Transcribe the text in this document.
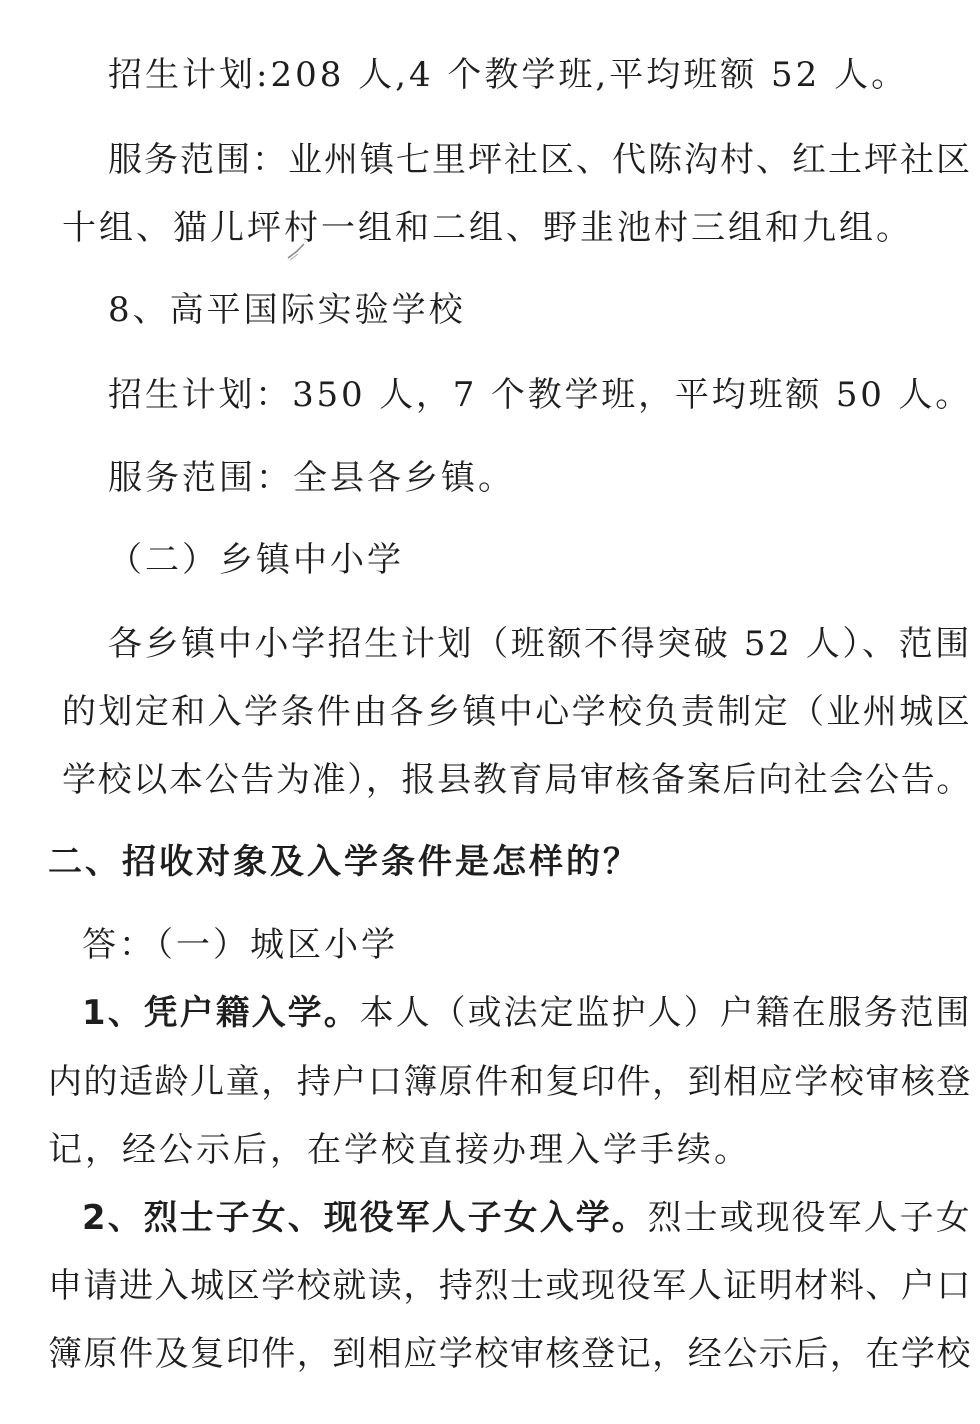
招生计划:208 人,4 个教学班,平均班额 52 人。
服务范围：业州镇七里坪社区、代陈沟村、红土坪社区
十组、猫儿坪村一组和二组、野韭池村三组和九组。
8、高平国际实验学校
招生计划：350 人，7 个教学班，平均班额 50 人。
服务范围：全县各乡镇。
（二）乡镇中小学
各乡镇中小学招生计划（班额不得突破 52 人）、范围
的划定和入学条件由各乡镇中心学校负责制定（业州城区
学校以本公告为准），报县教育局审核备案后向社会公告。
二、招收对象及入学条件是怎样的？
答：（一）城区小学
1、凭户籍入学。本人（或法定监护人）户籍在服务范围
内的适龄儿童，持户口簿原件和复印件，到相应学校审核登
记，经公示后，在学校直接办理入学手续。
2、烈士子女、现役军人子女入学。烈士或现役军人子女
申请进入城区学校就读，持烈士或现役军人证明材料、户口
簿原件及复印件，到相应学校审核登记，经公示后，在学校
